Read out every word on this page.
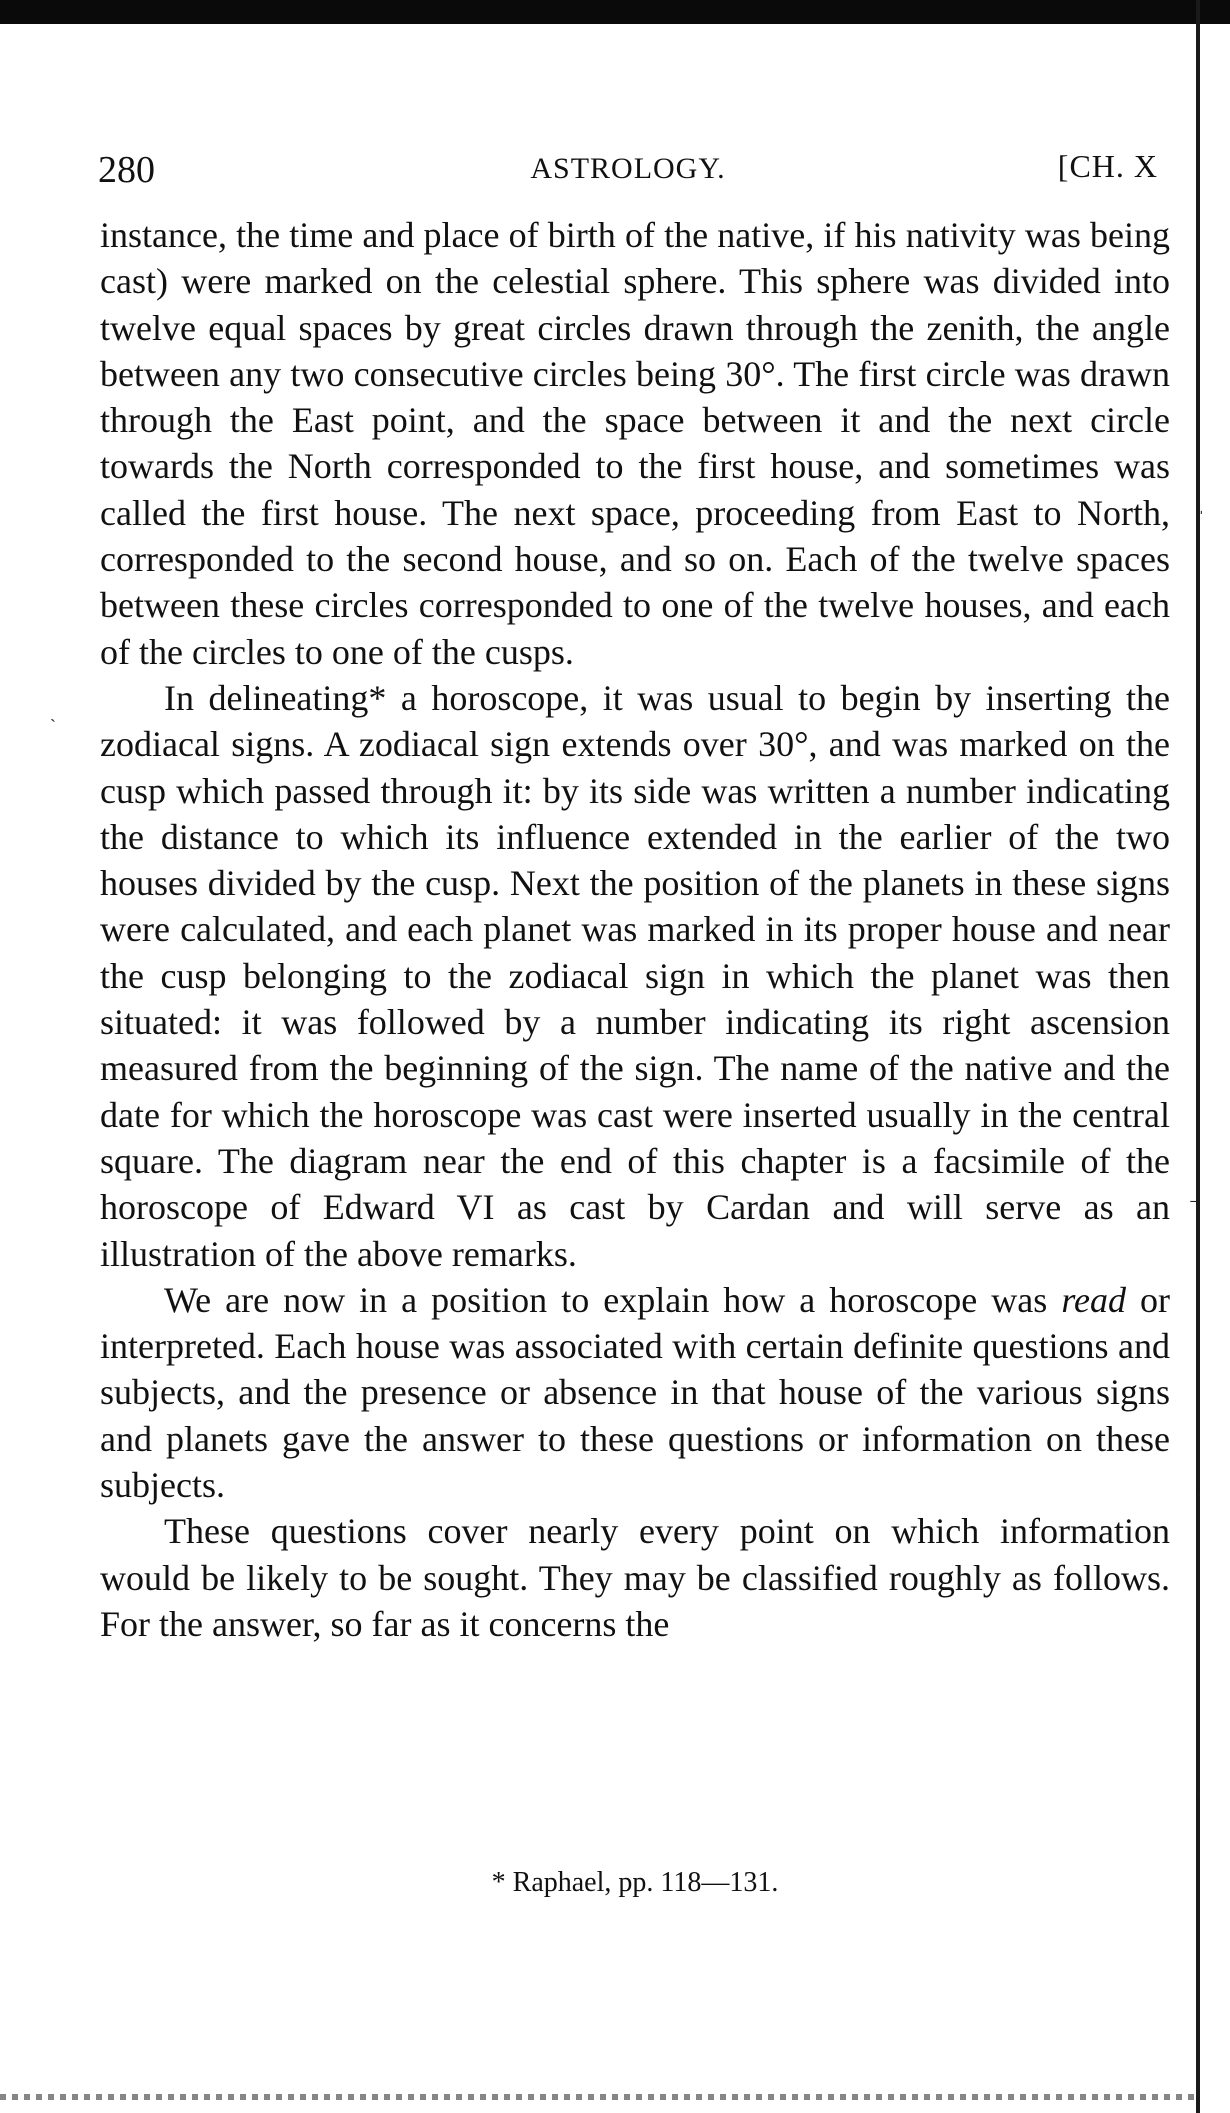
ˏ
ˈ
ˉ
ˈ
ˈ
280	ASTROLOGY.	[CH. X

instance, the time and place of birth of the native, if his nativity was being cast) were marked on the celestial sphere. This sphere was divided into twelve equal spaces by great circles drawn through the zenith, the angle between any two consecutive circles being 30°. The first circle was drawn through the East point, and the space between it and the next circle towards the North corresponded to the first house, and sometimes was called the first house. The next space, proceeding from East to North, corresponded to the second house, and so on. Each of the twelve spaces between these circles corresponded to one of the twelve houses, and each of the circles to one of the cusps.

In delineating* a horoscope, it was usual to begin by inserting the zodiacal signs. A zodiacal sign extends over 30°, and was marked on the cusp which passed through it: by its side was written a number indicating the distance to which its influence extended in the earlier of the two houses divided by the cusp. Next the position of the planets in these signs were calculated, and each planet was marked in its proper house and near the cusp belonging to the zodiacal sign in which the planet was then situated: it was followed by a number indicating its right ascension measured from the beginning of the sign. The name of the native and the date for which the horoscope was cast were inserted usually in the central square. The diagram near the end of this chapter is a facsimile of the horoscope of Edward VI as cast by Cardan and will serve as an illustration of the above remarks.

We are now in a position to explain how a horoscope was read or interpreted. Each house was associated with certain definite questions and subjects, and the presence or absence in that house of the various signs and planets gave the answer to these questions or information on these subjects.

These questions cover nearly every point on which information would be likely to be sought. They may be classified roughly as follows. For the answer, so far as it concerns the

* Raphael, pp. 118—131.
